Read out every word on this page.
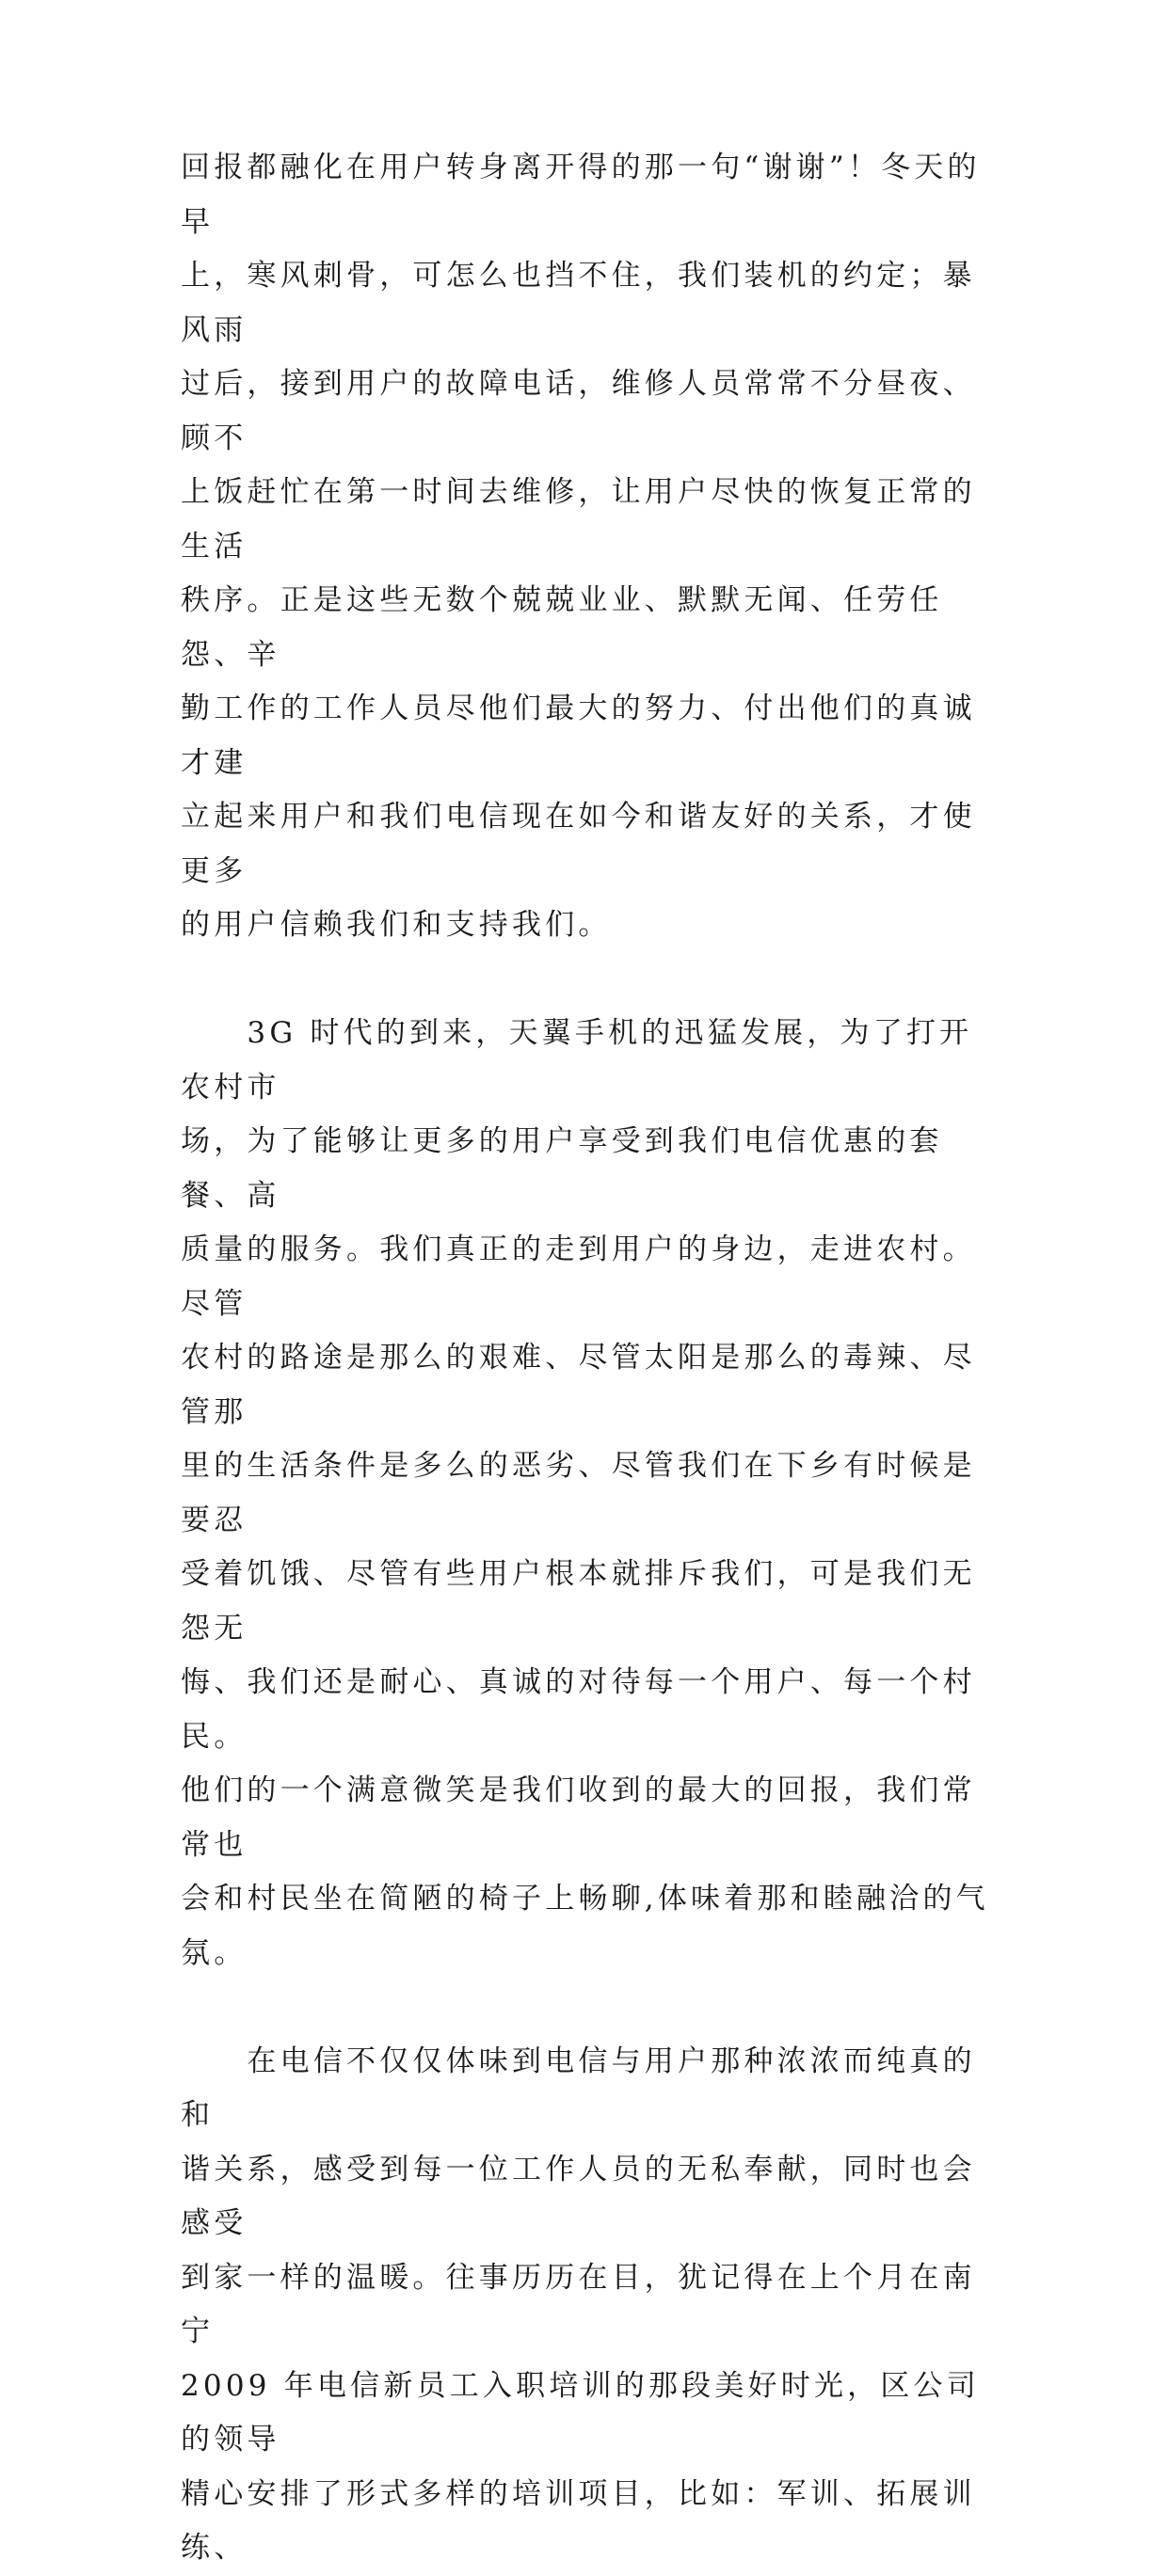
回报都融化在用户转身离开得的那一句“谢谢”！冬天的早
上，寒风刺骨，可怎么也挡不住，我们装机的约定；暴风雨
过后，接到用户的故障电话，维修人员常常不分昼夜、顾不
上饭赶忙在第一时间去维修，让用户尽快的恢复正常的生活
秩序。正是这些无数个兢兢业业、默默无闻、任劳任怨、辛
勤工作的工作人员尽他们最大的努力、付出他们的真诚才建
立起来用户和我们电信现在如今和谐友好的关系，才使更多
的用户信赖我们和支持我们。

　　3G 时代的到来，天翼手机的迅猛发展，为了打开农村市
场，为了能够让更多的用户享受到我们电信优惠的套餐、高
质量的服务。我们真正的走到用户的身边，走进农村。尽管
农村的路途是那么的艰难、尽管太阳是那么的毒辣、尽管那
里的生活条件是多么的恶劣、尽管我们在下乡有时候是要忍
受着饥饿、尽管有些用户根本就排斥我们，可是我们无怨无
悔、我们还是耐心、真诚的对待每一个用户、每一个村民。
他们的一个满意微笑是我们收到的最大的回报，我们常常也
会和村民坐在简陋的椅子上畅聊,体味着那和睦融洽的气氛。

　　在电信不仅仅体味到电信与用户那种浓浓而纯真的和
谐关系，感受到每一位工作人员的无私奉献，同时也会感受
到家一样的温暖。往事历历在目，犹记得在上个月在南宁
2009 年电信新员工入职培训的那段美好时光，区公司的领导
精心安排了形式多样的培训项目，比如：军训、拓展训练、
